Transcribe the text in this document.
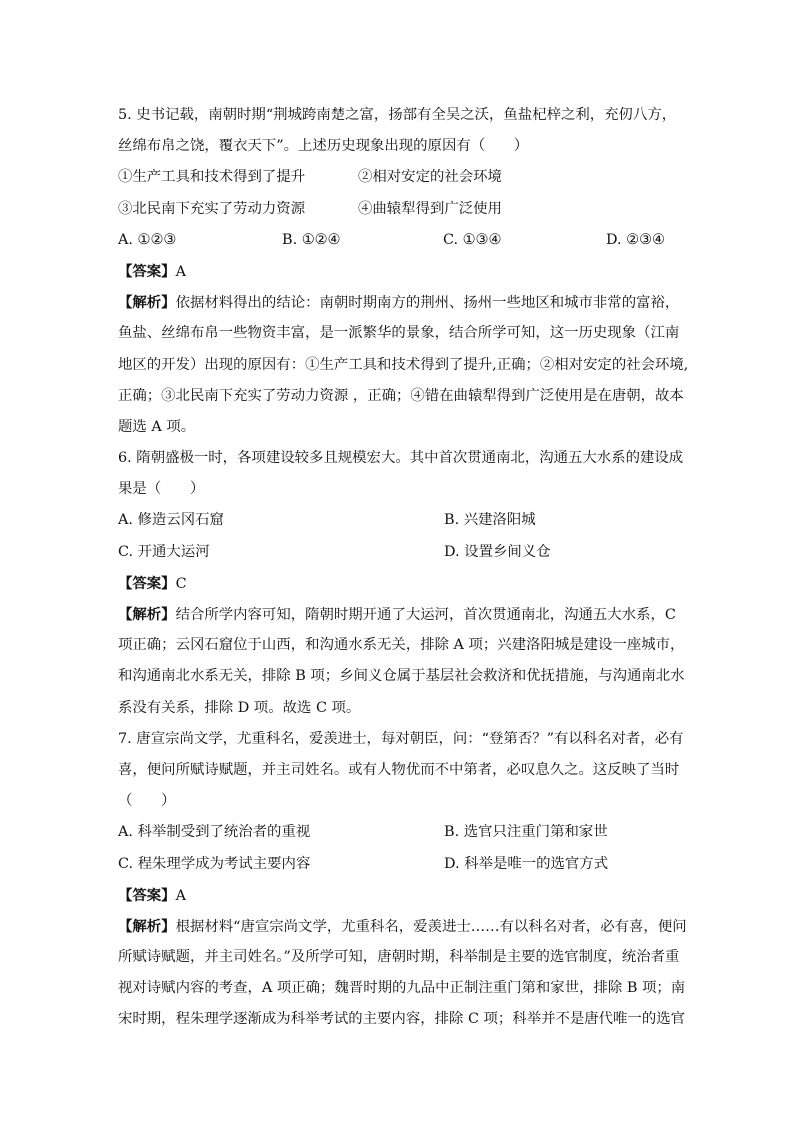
5. 史书记载，南朝时期“荆城跨南楚之富，扬部有全吴之沃，鱼盐杞梓之利，充仞八方，
丝绵布帛之饶，覆衣天下”。上述历史现象出现的原因有（　　）
①生产工具和技术得到了提升	②相对安定的社会环境
③北民南下充实了劳动力资源	④曲辕犁得到广泛使用
A. ①②③	B. ①②④	C. ①③④	D. ②③④
【答案】A
【解析】依据材料得出的结论：南朝时期南方的荆州、扬州一些地区和城市非常的富裕，
鱼盐、丝绵布帛一些物资丰富，是一派繁华的景象，结合所学可知，这一历史现象（江南
地区的开发）出现的原因有：①生产工具和技术得到了提升,正确；②相对安定的社会环境,
正确；③北民南下充实了劳动力资源 ，正确；④错在曲辕犁得到广泛使用是在唐朝，故本
题选 A 项。
6. 隋朝盛极一时，各项建设较多且规模宏大。其中首次贯通南北，沟通五大水系的建设成
果是（　　）
A. 修造云冈石窟	B. 兴建洛阳城
C. 开通大运河	D. 设置乡间义仓
【答案】C
【解析】结合所学内容可知，隋朝时期开通了大运河，首次贯通南北，沟通五大水系，C
项正确；云冈石窟位于山西，和沟通水系无关，排除 A 项；兴建洛阳城是建设一座城市，
和沟通南北水系无关，排除 B 项；乡间义仓属于基层社会救济和优抚措施，与沟通南北水
系没有关系，排除 D 项。故选 C 项。
7. 唐宣宗尚文学，尤重科名，爱羡进士，每对朝臣，问：“登第否？”有以科名对者，必有
喜，便问所赋诗赋题，并主司姓名。或有人物优而不中第者，必叹息久之。这反映了当时
（　　）
A. 科举制受到了统治者的重视	B. 选官只注重门第和家世
C. 程朱理学成为考试主要内容	D. 科举是唯一的选官方式
【答案】A
【解析】根据材料“唐宣宗尚文学，尤重科名，爱羡进士……有以科名对者，必有喜，便问
所赋诗赋题，并主司姓名。”及所学可知，唐朝时期，科举制是主要的选官制度，统治者重
视对诗赋内容的考查，A 项正确；魏晋时期的九品中正制注重门第和家世，排除 B 项；南
宋时期，程朱理学逐渐成为科举考试的主要内容，排除 C 项；科举并不是唐代唯一的选官
